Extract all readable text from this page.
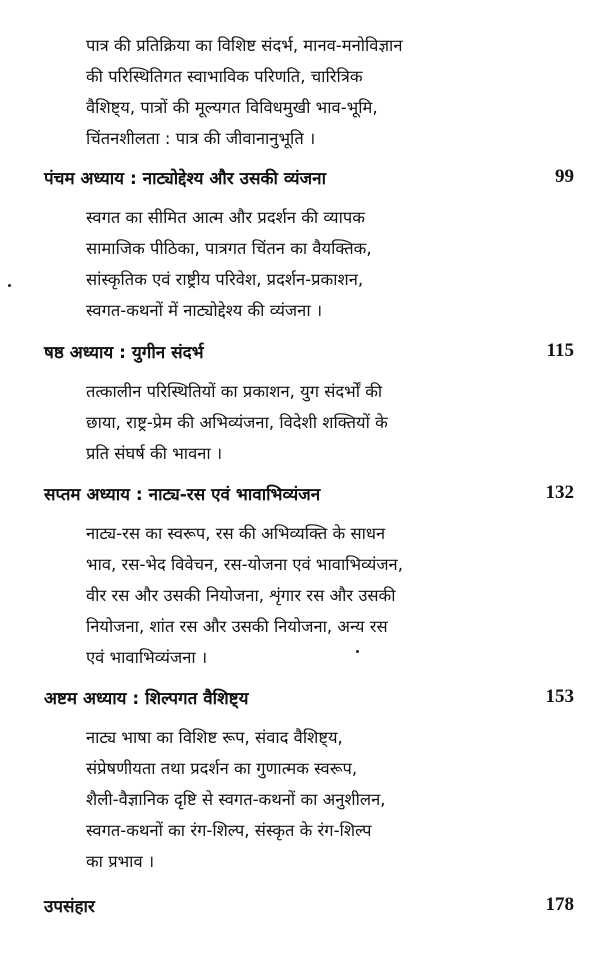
पात्र की प्रतिक्रिया का विशिष्ट संदर्भ, मानव-मनोविज्ञान
की परिस्थितिगत स्वाभाविक परिणति, चारित्रिक
वैशिष्ट्य, पात्रों की मूल्यगत विविधमुखी भाव-भूमि,
चिंतनशीलता : पात्र की जीवानानुभूति ।
पंचम अध्याय : नाट्योद्देश्य और उसकी व्यंजना	99
स्वगत का सीमित आत्म और प्रदर्शन की व्यापक
सामाजिक पीठिका, पात्रगत चिंतन का वैयक्तिक,
सांस्कृतिक एवं राष्ट्रीय परिवेश, प्रदर्शन-प्रकाशन,
स्वगत-कथनों में नाट्योद्देश्य की व्यंजना ।
षष्ठ अध्याय : युगीन संदर्भ	115
तत्कालीन परिस्थितियों का प्रकाशन, युग संदर्भों की
छाया, राष्ट्र-प्रेम की अभिव्यंजना, विदेशी शक्तियों के
प्रति संघर्ष की भावना ।
सप्तम अध्याय : नाट्य-रस एवं भावाभिव्यंजन	132
नाट्य-रस का स्वरूप, रस की अभिव्यक्ति के साधन
भाव, रस-भेद विवेचन, रस-योजना एवं भावाभिव्यंजन,
वीर रस और उसकी नियोजना, शृंगार रस और उसकी
नियोजना, शांत रस और उसकी नियोजना, अन्य रस
एवं भावाभिव्यंजना ।
अष्टम अध्याय : शिल्पगत वैशिष्ट्य	153
नाट्य भाषा का विशिष्ट रूप, संवाद वैशिष्ट्य,
संप्रेषणीयता तथा प्रदर्शन का गुणात्मक स्वरूप,
शैली-वैज्ञानिक दृष्टि से स्वगत-कथनों का अनुशीलन,
स्वगत-कथनों का रंग-शिल्प, संस्कृत के रंग-शिल्प
का प्रभाव ।
उपसंहार	178
